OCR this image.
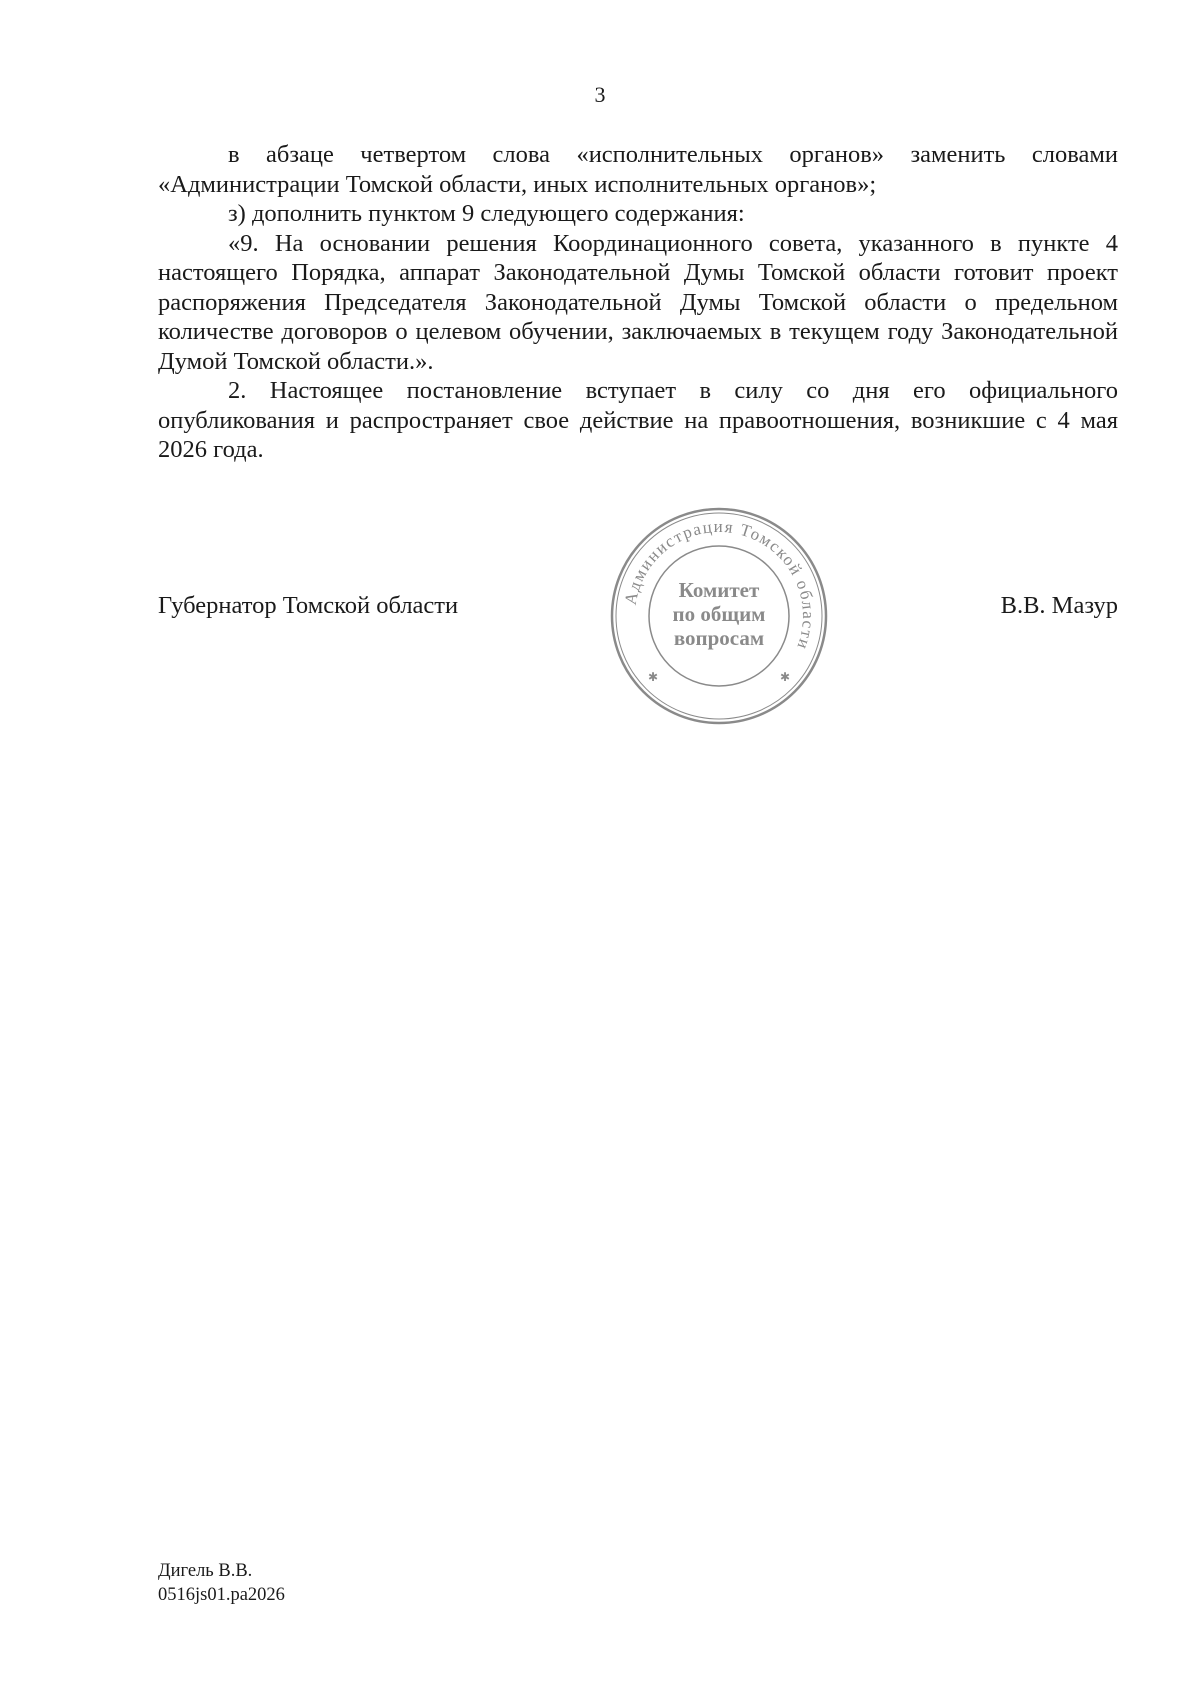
3

в абзаце четвертом слова «исполнительных органов» заменить словами «Администрации Томской области, иных исполнительных органов»;

з) дополнить пунктом 9 следующего содержания:

«9. На основании решения Координационного совета, указанного в пункте 4 настоящего Порядка, аппарат Законодательной Думы Томской области готовит проект распоряжения Председателя Законодательной Думы Томской области о предельном количестве договоров о целевом обучении, заключаемых в текущем году Законодательной Думой Томской области.».

2. Настоящее постановление вступает в силу со дня его официального опубликования и распространяет свое действие на правоотношения, возникшие с 4 мая 2026 года.

Губернатор Томской области	В.В. Мазур
Администрация Томской области
✱	✱
Комитет
по общим
вопросам
Дигель В.В.
0516js01.pa2026
